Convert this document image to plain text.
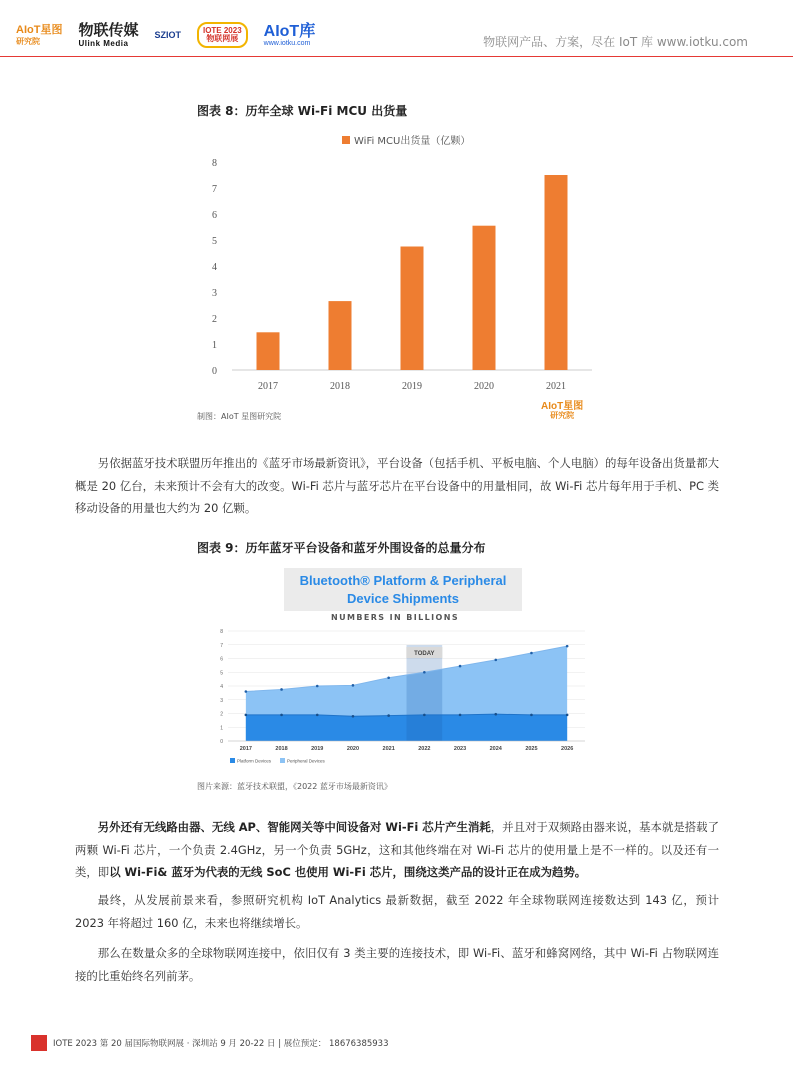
AIoT星图
研究院
物联传媒
Ulink Media
SZIOT	IOTE 2023
物联网展	AIoT库
www.iotku.com	物联网产品、方案，尽在 IoT 库 www.iotku.com
图表 8：历年全球 Wi-Fi MCU 出货量
WiFi MCU出货量（亿颗）
0
1
2
3
4
5
6
7
8
2017	2018	2019	2020	2021
制图：AIoT 星图研究院
AIoT星图
研究院

另依据蓝牙技术联盟历年推出的《蓝牙市场最新资讯》，平台设备（包括手机、平板电脑、个人电脑）的每年设备出货量都大概是 20 亿台，未来预计不会有大的改变。Wi-Fi 芯片与蓝牙芯片在平台设备中的用量相同，故 Wi-Fi 芯片每年用于手机、PC 类移动设备的用量也大约为 20 亿颗。

图表 9：历年蓝牙平台设备和蓝牙外围设备的总量分布
Bluetooth® Platform & Peripheral
Device Shipments
NUMBERS IN BILLIONS
0
1
2
3
4
5
6
7
8
TODAY
2017	2018	2019	2020	2021	2022	2023	2024	2025	2026
Platform Devices	Peripheral Devices
图片来源：蓝牙技术联盟，《2022 蓝牙市场最新资讯》

另外还有无线路由器、无线 AP、智能网关等中间设备对 Wi-Fi 芯片产生消耗，并且对于双频路由器来说，基本就是搭载了两颗 Wi-Fi 芯片，一个负责 2.4GHz，另一个负责 5GHz，这和其他终端在对 Wi-Fi 芯片的使用量上是不一样的。以及还有一类，即以 Wi-Fi& 蓝牙为代表的无线 SoC 也使用 Wi-Fi 芯片，围绕这类产品的设计正在成为趋势。

最终，从发展前景来看，参照研究机构 IoT Analytics 最新数据，截至 2022 年全球物联网连接数达到 143 亿，预计 2023 年将超过 160 亿，未来也将继续增长。

那么在数量众多的全球物联网连接中，依旧仅有 3 类主要的连接技术，即 Wi-Fi、蓝牙和蜂窝网络，其中 Wi-Fi 占物联网连接的比重始终名列前茅。

IOTE 2023 第 20 届国际物联网展 · 深圳站 9 月 20-22 日 | 展位预定： 18676385933
